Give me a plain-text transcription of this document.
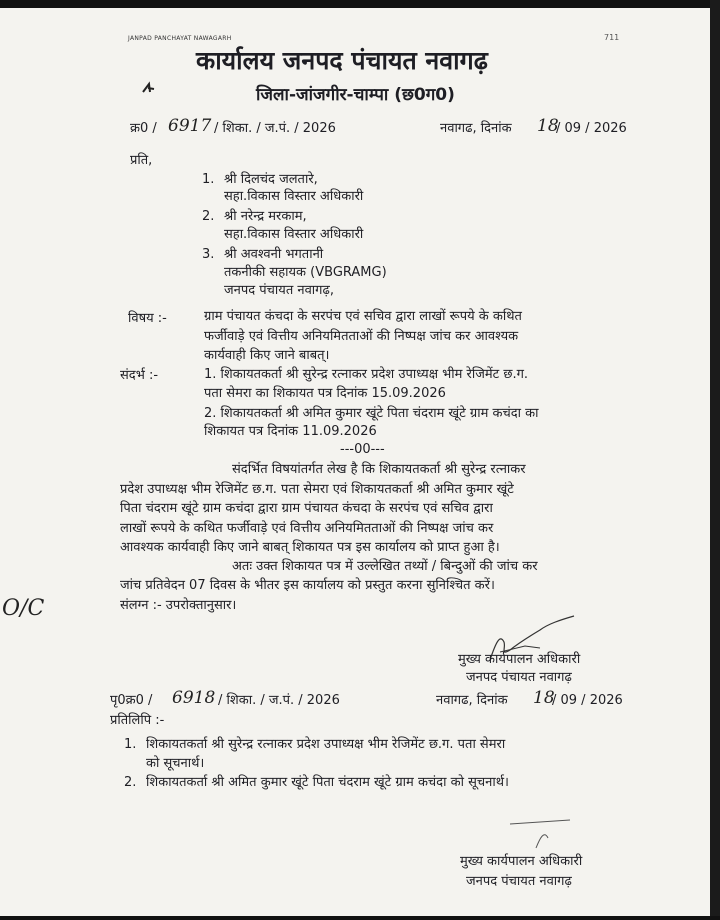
JANPAD PANCHAYAT NAWAGARH	711
कार्यालय जनपद पंचायत नवागढ़
जिला-जांजगीर-चाम्पा (छ0ग0)
क्र0 / 6917 / शिका. / ज.पं. / 2026	नवागढ, दिनांक 18
/ 09 / 2026
प्रति,
1. श्री दिलचंद जलतारे,
सहा.विकास विस्तार अधिकारी
2. श्री नरेन्द्र मरकाम,
सहा.विकास विस्तार अधिकारी
3. श्री अवश्वनी भगतानी
तकनीकी सहायक (VBGRAMG)
जनपद पंचायत नवागढ़,
विषय :-	ग्राम पंचायत कंचदा के सरपंच एवं सचिव द्वारा लाखों रूपये के कथित
फर्जीवाड़े एवं वित्तीय अनियमितताओं की निष्पक्ष जांच कर आवश्यक
कार्यवाही किए जाने बाबत्।
संदर्भ :-	1. शिकायतकर्ता श्री सुरेन्द्र रत्नाकर प्रदेश उपाध्यक्ष भीम रेजिमेंट छ.ग.
पता सेमरा का शिकायत पत्र दिनांक 15.09.2026
2. शिकायतकर्ता श्री अमित कुमार खूंटे पिता चंदराम खूंटे ग्राम कचंदा का
शिकायत पत्र दिनांक 11.09.2026
---00---
संदर्भित विषयांतर्गत लेख है कि शिकायतकर्ता श्री सुरेन्द्र रत्नाकर
प्रदेश उपाध्यक्ष भीम रेजिमेंट छ.ग. पता सेमरा एवं शिकायतकर्ता श्री अमित कुमार खूंटे
पिता चंदराम खूंटे ग्राम कचंदा द्वारा ग्राम पंचायत कंचदा के सरपंच एवं सचिव द्वारा
लाखों रूपये के कथित फर्जीवाड़े एवं वित्तीय अनियमितताओं की निष्पक्ष जांच कर
आवश्यक कार्यवाही किए जाने बाबत् शिकायत पत्र इस कार्यालय को प्राप्त हुआ है।
अतः उक्त शिकायत पत्र में उल्लेखित तथ्यों / बिन्दुओं की जांच कर
जांच प्रतिवेदन 07 दिवस के भीतर इस कार्यालय को प्रस्तुत करना सुनिश्चित करें।
संलग्न :- उपरोक्तानुसार।
O/C
मुख्य कार्यपालन अधिकारी
जनपद पंचायत नवागढ़
पृ0क्र0 / 6918 / शिका. / ज.पं. / 2026	नवागढ, दिनांक 18
/ 09 / 2026
प्रतिलिपि :-
1. शिकायतकर्ता श्री सुरेन्द्र रत्नाकर प्रदेश उपाध्यक्ष भीम रेजिमेंट छ.ग. पता सेमरा
को सूचनार्थ।
2. शिकायतकर्ता श्री अमित कुमार खूंटे पिता चंदराम खूंटे ग्राम कचंदा को सूचनार्थ।
मुख्य कार्यपालन अधिकारी
जनपद पंचायत नवागढ़
